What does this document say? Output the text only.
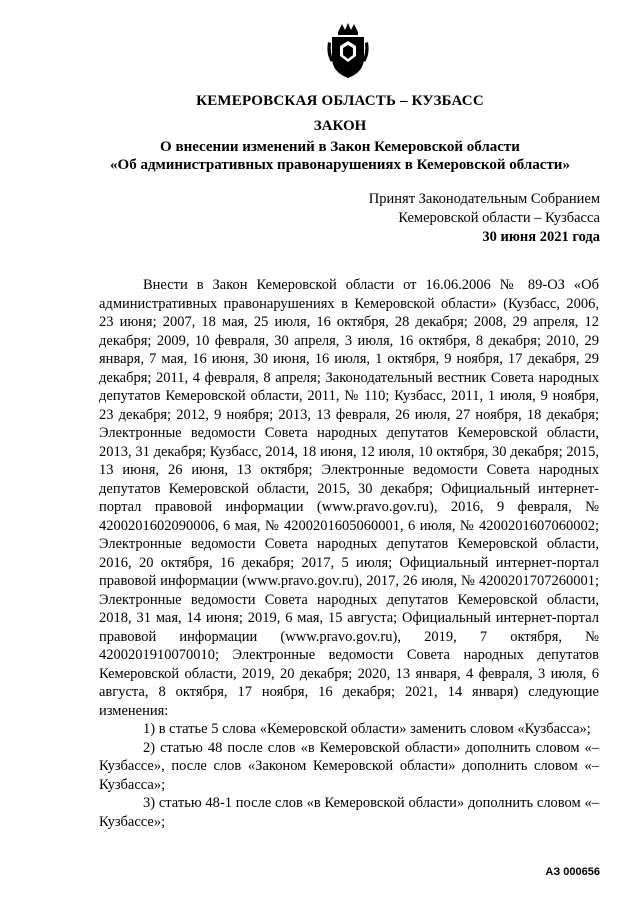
КЕМЕРОВСКАЯ ОБЛАСТЬ – КУЗБАСС
ЗАКОН
О внесении изменений в Закон Кемеровской области
«Об административных правонарушениях в Кемеровской области»
Принят Законодательным Собранием
Кемеровской области – Кузбасса
30 июня 2021 года

Внести в Закон Кемеровской области от 16.06.2006 № 89-ОЗ «Об административных правонарушениях в Кемеровской области» (Кузбасс, 2006, 23 июня; 2007, 18 мая, 25 июля, 16 октября, 28 декабря; 2008, 29 апреля, 12 декабря; 2009, 10 февраля, 30 апреля, 3 июля, 16 октября, 8 декабря; 2010, 29 января, 7 мая, 16 июня, 30 июня, 16 июля, 1 октября, 9 ноября, 17 декабря, 29 декабря; 2011, 4 февраля, 8 апреля; Законодательный вестник Совета народных депутатов Кемеровской области, 2011, № 110; Кузбасс, 2011, 1 июля, 9 ноября, 23 декабря; 2012, 9 ноября; 2013, 13 февраля, 26 июля, 27 ноября, 18 декабря; Электронные ведомости Совета народных депутатов Кемеровской области, 2013, 31 декабря; Кузбасс, 2014, 18 июня, 12 июля, 10 октября, 30 декабря; 2015, 13 июня, 26 июня, 13 октября; Электронные ведомости Совета народных депутатов Кемеровской области, 2015, 30 декабря; Официальный интернет-портал правовой информации (www.pravo.gov.ru), 2016, 9 февраля, № 4200201602090006, 6 мая, № 4200201605060001, 6 июля, № 4200201607060002; Электронные ведомости Совета народных депутатов Кемеровской области, 2016, 20 октября, 16 декабря; 2017, 5 июля; Официальный интернет-портал правовой информации (www.pravo.gov.ru), 2017, 26 июля, № 4200201707260001; Электронные ведомости Совета народных депутатов Кемеровской области, 2018, 31 мая, 14 июня; 2019, 6 мая, 15 августа; Официальный интернет-портал правовой информации (www.pravo.gov.ru), 2019, 7 октября, № 4200201910070010; Электронные ведомости Совета народных депутатов Кемеровской области, 2019, 20 декабря; 2020, 13 января, 4 февраля, 3 июля, 6 августа, 8 октября, 17 ноября, 16 декабря; 2021, 14 января) следующие изменения:

1) в статье 5 слова «Кемеровской области» заменить словом «Кузбасса»;

2) статью 48 после слов «в Кемеровской области» дополнить словом «– Кузбассе», после слов «Законом Кемеровской области» дополнить словом «– Кузбасса»;

3) статью 48-1 после слов «в Кемеровской области» дополнить словом «– Кузбассе»;

АЗ 000656
